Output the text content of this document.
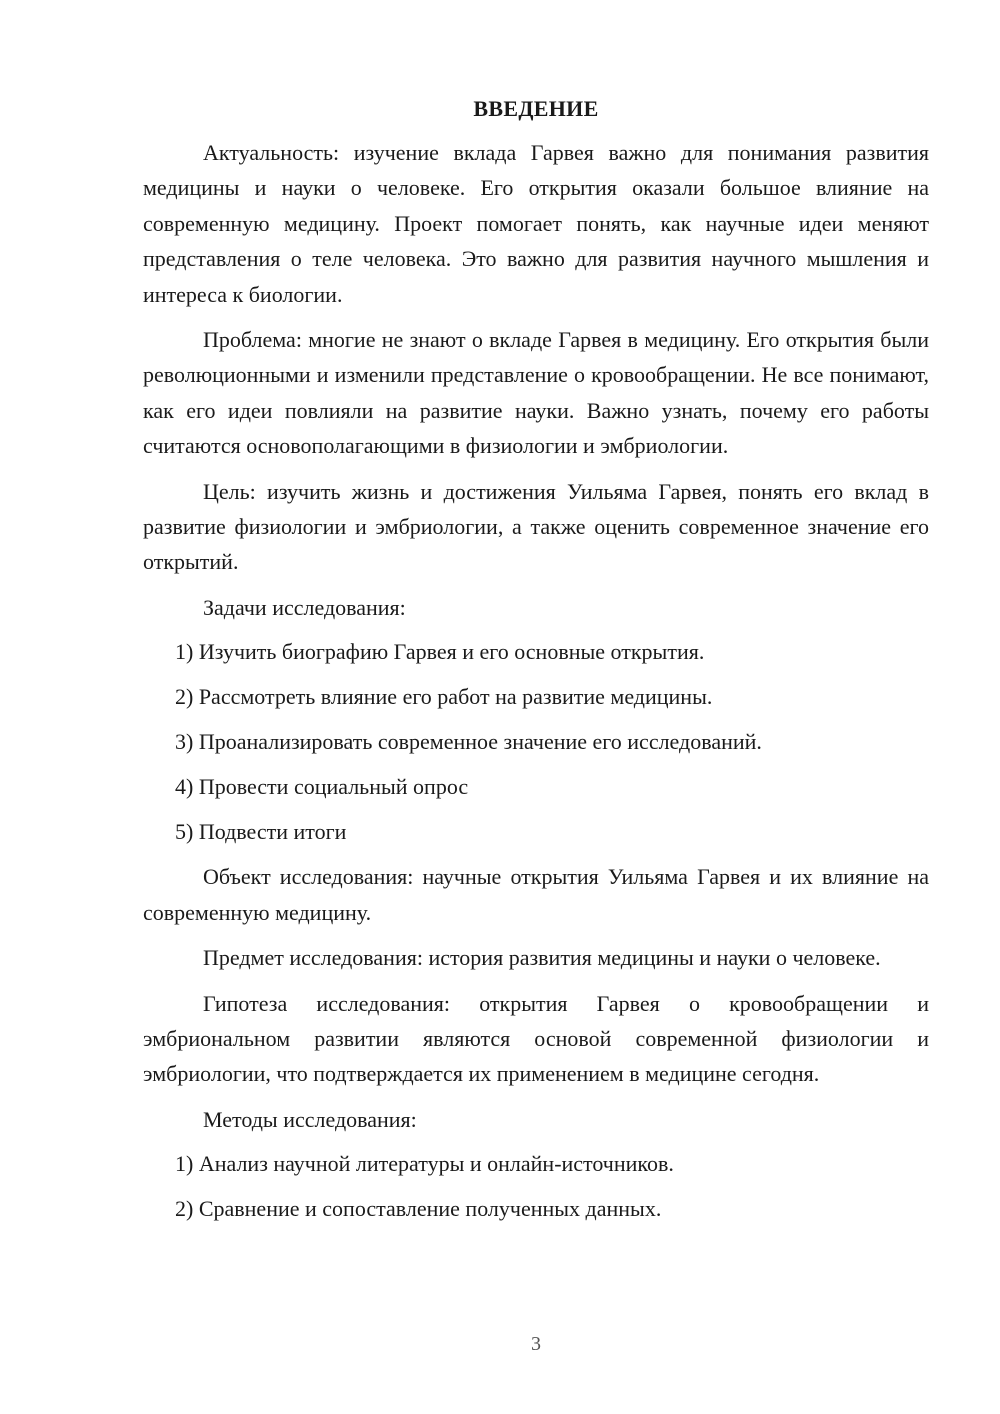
ВВЕДЕНИЕ

Актуальность: изучение вклада Гарвея важно для понимания развития медицины и науки о человеке. Его открытия оказали большое влияние на современную медицину. Проект помогает понять, как научные идеи меняют представления о теле человека. Это важно для развития научного мышления и интереса к биологии.

Проблема: многие не знают о вкладе Гарвея в медицину. Его открытия были революционными и изменили представление о кровообращении. Не все понимают, как его идеи повлияли на развитие науки. Важно узнать, почему его работы считаются основополагающими в физиологии и эмбриологии.

Цель: изучить жизнь и достижения Уильяма Гарвея, понять его вклад в развитие физиологии и эмбриологии, а также оценить современное значение его открытий.

Задачи исследования:

1) Изучить биографию Гарвея и его основные открытия.
2) Рассмотреть влияние его работ на развитие медицины.
3) Проанализировать современное значение его исследований.
4) Провести социальный опрос
5) Подвести итоги

Объект исследования: научные открытия Уильяма Гарвея и их влияние на современную медицину.

Предмет исследования: история развития медицины и науки о человеке.

Гипотеза исследования: открытия Гарвея о кровообращении и эмбриональном развитии являются основой современной физиологии и эмбриологии, что подтверждается их применением в медицине сегодня.

Методы исследования:

1) Анализ научной литературы и онлайн-источников.
2) Сравнение и сопоставление полученных данных.
3
